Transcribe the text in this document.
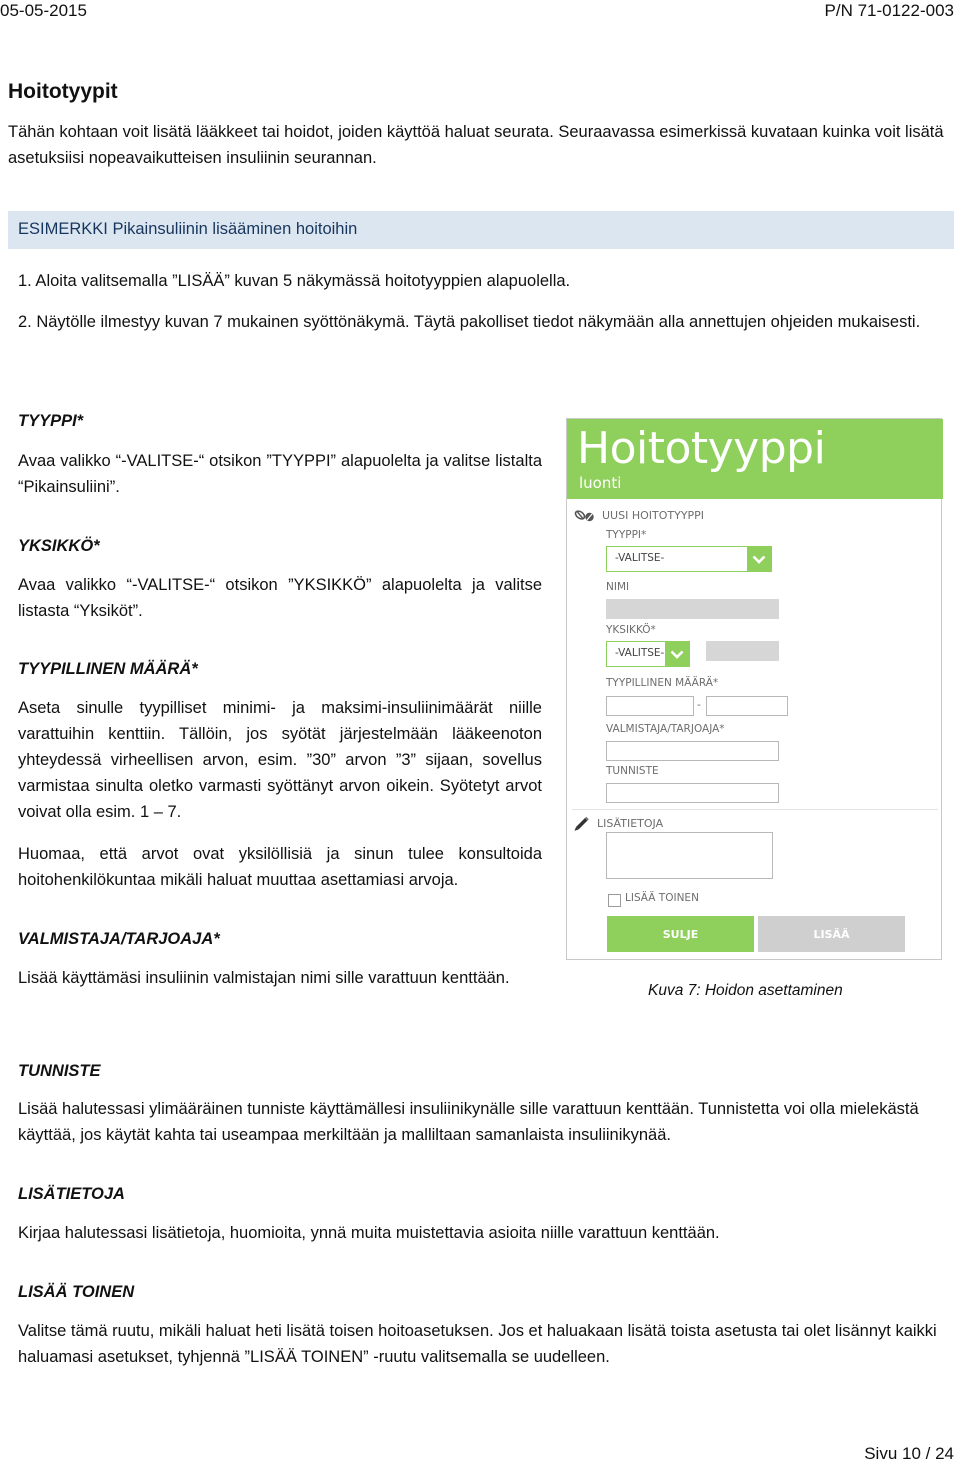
05-05-2015	P/N 71-0122-003
Hoitotyypit
Tähän kohtaan voit lisätä lääkkeet tai hoidot, joiden käyttöä haluat seurata. Seuraavassa esimerkissä kuvataan kuinka voit lisätä asetuksiisi nopeavaikutteisen insuliinin seurannan.
ESIMERKKI Pikainsuliinin lisääminen hoitoihin
1. Aloita valitsemalla ”LISÄÄ” kuvan 5 näkymässä hoitotyyppien alapuolella.
2. Näytölle ilmestyy kuvan 7 mukainen syöttönäkymä. Täytä pakolliset tiedot näkymään alla annettujen ohjeiden mukaisesti.
TYYPPI*
Avaa valikko “-VALITSE-“ otsikon ”TYYPPI” alapuolelta ja valitse listalta “Pikainsuliini”.
YKSIKKÖ*
Avaa valikko “-VALITSE-“ otsikon ”YKSIKKÖ” alapuolelta ja valitse listasta “Yksiköt”.
TYYPILLINEN MÄÄRÄ*
Aseta sinulle tyypilliset minimi- ja maksimi-insuliinimäärät niille varattuihin kenttiin. Tällöin, jos syötät järjestelmään lääkeenoton yhteydessä virheellisen arvon, esim. ”30” arvon ”3” sijaan, sovellus varmistaa sinulta oletko varmasti syöttänyt arvon oikein. Syötetyt arvot voivat olla esim. 1 – 7.
Huomaa, että arvot ovat yksilöllisiä ja sinun tulee konsultoida hoitohenkilökuntaa mikäli haluat muuttaa asettamiasi arvoja.
VALMISTAJA/TARJOAJA*
Lisää käyttämäsi insuliinin valmistajan nimi sille varattuun kenttään.
Hoitotyyppi
luonti
UUSI HOITOTYYPPI
TYYPPI*
-VALITSE-
NIMI
YKSIKKÖ*
-VALITSE-
TYYPILLINEN MÄÄRÄ*
-
VALMISTAJA/TARJOAJA*
TUNNISTE
LISÄTIETOJA
LISÄÄ TOINEN
SULJE	LISÄÄ
Kuva 7: Hoidon asettaminen
TUNNISTE
Lisää halutessasi ylimääräinen tunniste käyttämällesi insuliinikynälle sille varattuun kenttään. Tunnistetta voi olla mielekästä käyttää, jos käytät kahta tai useampaa merkiltään ja malliltaan samanlaista insuliinikynää.
LISÄTIETOJA
Kirjaa halutessasi lisätietoja, huomioita, ynnä muita muistettavia asioita niille varattuun kenttään.
LISÄÄ TOINEN
Valitse tämä ruutu, mikäli haluat heti lisätä toisen hoitoasetuksen. Jos et haluakaan lisätä toista asetusta tai olet lisännyt kaikki haluamasi asetukset, tyhjennä ”LISÄÄ TOINEN” -ruutu valitsemalla se uudelleen.
Sivu 10 / 24
